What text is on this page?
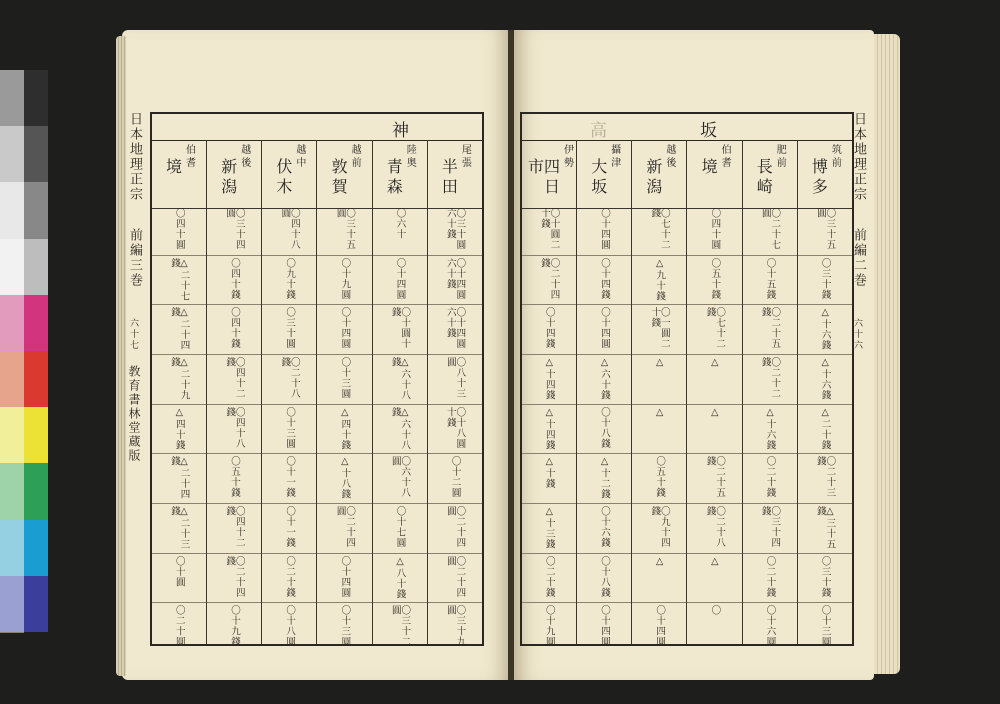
日本地理正宗
前編三巻
六十七
教育書林堂蔵版
神
半田
尾張
〇三十圓六十錢
〇十四圓六十錢
〇十四圓六十錢
〇八十三圓
〇十八圓十錢
〇十二圓
〇二十四圓
〇二十四圓
〇三十九圓
青森
陸奥
〇六十
〇十四圓
〇十圓十錢
△六十八錢
△六十八錢
〇六十八圓
〇十七圓
△八十錢
〇三十二圓
敦賀
越前
〇三十五圓
〇十九圓
〇十四圓
〇十三圓
△四十錢
△十八錢
〇二十四圓
〇十四圓
〇十三圓
伏木
越中
〇四十八圓
〇九十錢
〇三十圓
〇二十八錢
〇十三圓
〇十一錢
〇十一錢
〇二十錢
〇十八圓
新潟
越後
〇三十四圓
〇四十錢
〇四十錢
〇四十二錢
〇四十八錢
〇五十錢
〇四十二錢
〇二十四錢
〇十九錢
境 伯耆
〇四十圓
△二十七錢
△二十四錢
△二十九錢
△四十錢
△二十四錢
△二十三錢
〇十圓
〇二十圓
坂
高
博多
筑前
〇三十五圓
〇三十錢
△十六錢
△十六錢
△二十錢
〇二十三錢
△三十五錢
〇三十錢
〇十三圓
長崎
肥前
〇二十七圓
〇十五錢
〇二十五錢
〇二十二錢
△十六錢
〇二十錢
〇三十四錢
〇二十錢
〇十六圓
境 伯耆
〇四十圓
〇五十錢
〇七十二錢
△
△
〇二十五錢
〇二十八錢
△
〇
新潟
越後
〇七十二錢
△九十錢
〇一圓二十錢
△
△
〇五十錢
〇九十四錢
△
〇十四圓
大坂
攝津
〇十四圓
〇十四錢
〇十四圓
△六十錢
〇十八錢
△十二錢
〇十六錢
〇十八錢
〇十四圓
四日市	伊勢
〇十圓二十錢
〇二十四錢
〇十四錢
△十四錢
△十四錢
△十錢
△十三錢
〇二十錢
〇十九圓
日本地理正宗
前編二巻
六十六
